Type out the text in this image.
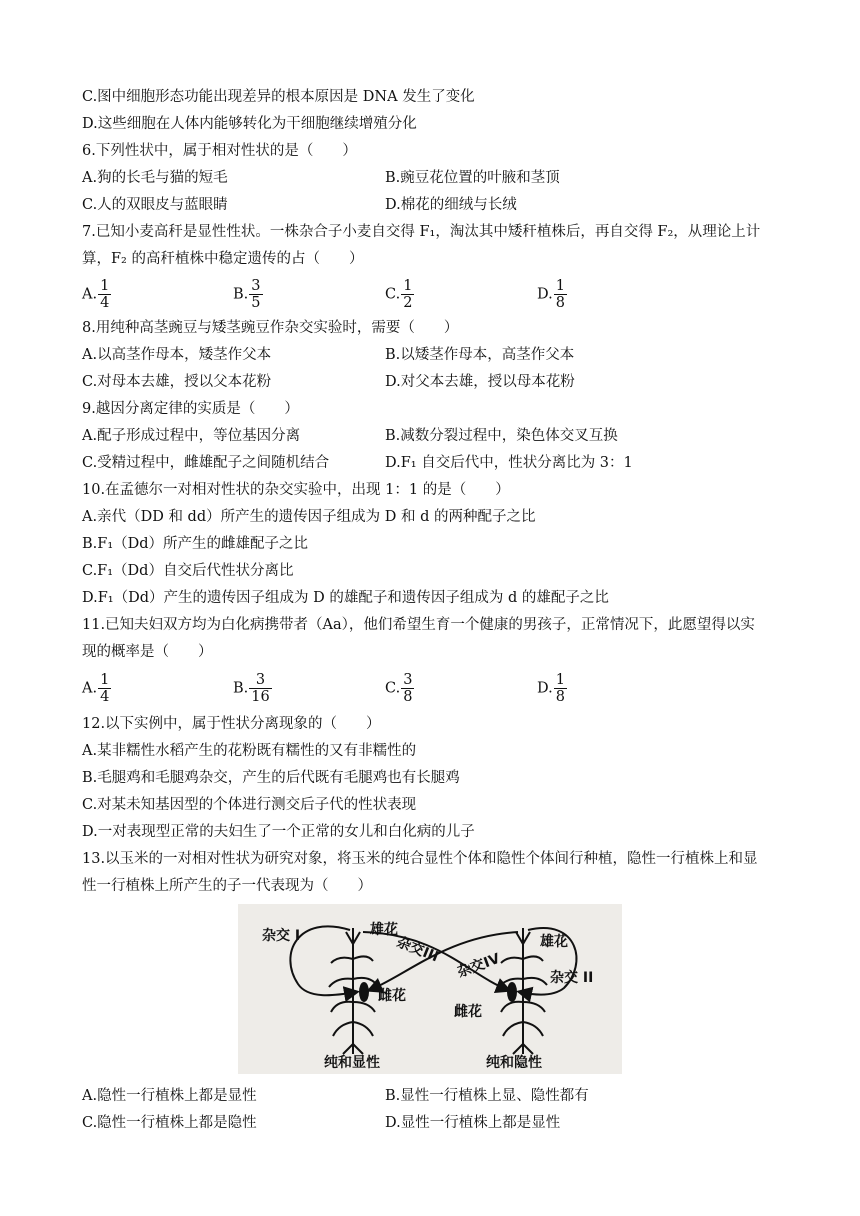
C.图中细胞形态功能出现差异的根本原因是 DNA 发生了变化
D.这些细胞在人体内能够转化为干细胞继续增殖分化
6.下列性状中，属于相对性状的是（　　）
A.狗的长毛与猫的短毛	B.豌豆花位置的叶腋和茎顶
C.人的双眼皮与蓝眼睛	D.棉花的细绒与长绒
7.已知小麦高秆是显性性状。一株杂合子小麦自交得 F₁，淘汰其中矮秆植株后，再自交得 F₂，从理论上计
算，F₂ 的高秆植株中稳定遗传的占（　　）
A. $\frac{1}{4}$	B. $\frac{3}{5}$	C. $\frac{1}{2}$	D. $\frac{1}{8}$
8.用纯种高茎豌豆与矮茎豌豆作杂交实验时，需要（　　）
A.以高茎作母本，矮茎作父本	B.以矮茎作母本，高茎作父本
C.对母本去雄，授以父本花粉	D.对父本去雄，授以母本花粉
9.越因分离定律的实质是（　　）
A.配子形成过程中，等位基因分离	B.减数分裂过程中，染色体交叉互换
C.受精过程中，雌雄配子之间随机结合	D.F₁ 自交后代中，性状分离比为 3：1
10.在孟德尔一对相对性状的杂交实验中，出现 1：1 的是（　　）
A.亲代（DD 和 dd）所产生的遗传因子组成为 D 和 d 的两种配子之比
B.F₁（Dd）所产生的雌雄配子之比
C.F₁（Dd）自交后代性状分离比
D.F₁（Dd）产生的遗传因子组成为 D 的雄配子和遗传因子组成为 d 的雄配子之比
11.已知夫妇双方均为白化病携带者（Aa），他们希望生育一个健康的男孩子，正常情况下，此愿望得以实
现的概率是（　　）
A. $\frac{1}{4}$	B. $\frac{3}{16}$	C. $\frac{3}{8}$	D. $\frac{1}{8}$
12.以下实例中，属于性状分离现象的（　　）
A.某非糯性水稻产生的花粉既有糯性的又有非糯性的
B.毛腿鸡和毛腿鸡杂交，产生的后代既有毛腿鸡也有长腿鸡
C.对某未知基因型的个体进行测交后子代的性状表现
D.一对表现型正常的夫妇生了一个正常的女儿和白化病的儿子
13.以玉米的一对相对性状为研究对象，将玉米的纯合显性个体和隐性个体间行种植，隐性一行植株上和显
性一行植株上所产生的子一代表现为（　　）
杂交 I
杂交 II
杂交III
杂交IV
雄花
雄花
雌花
雌花
纯和显性	纯和隐性
A.隐性一行植株上都是显性	B.显性一行植株上显、隐性都有
C.隐性一行植株上都是隐性	D.显性一行植株上都是显性
